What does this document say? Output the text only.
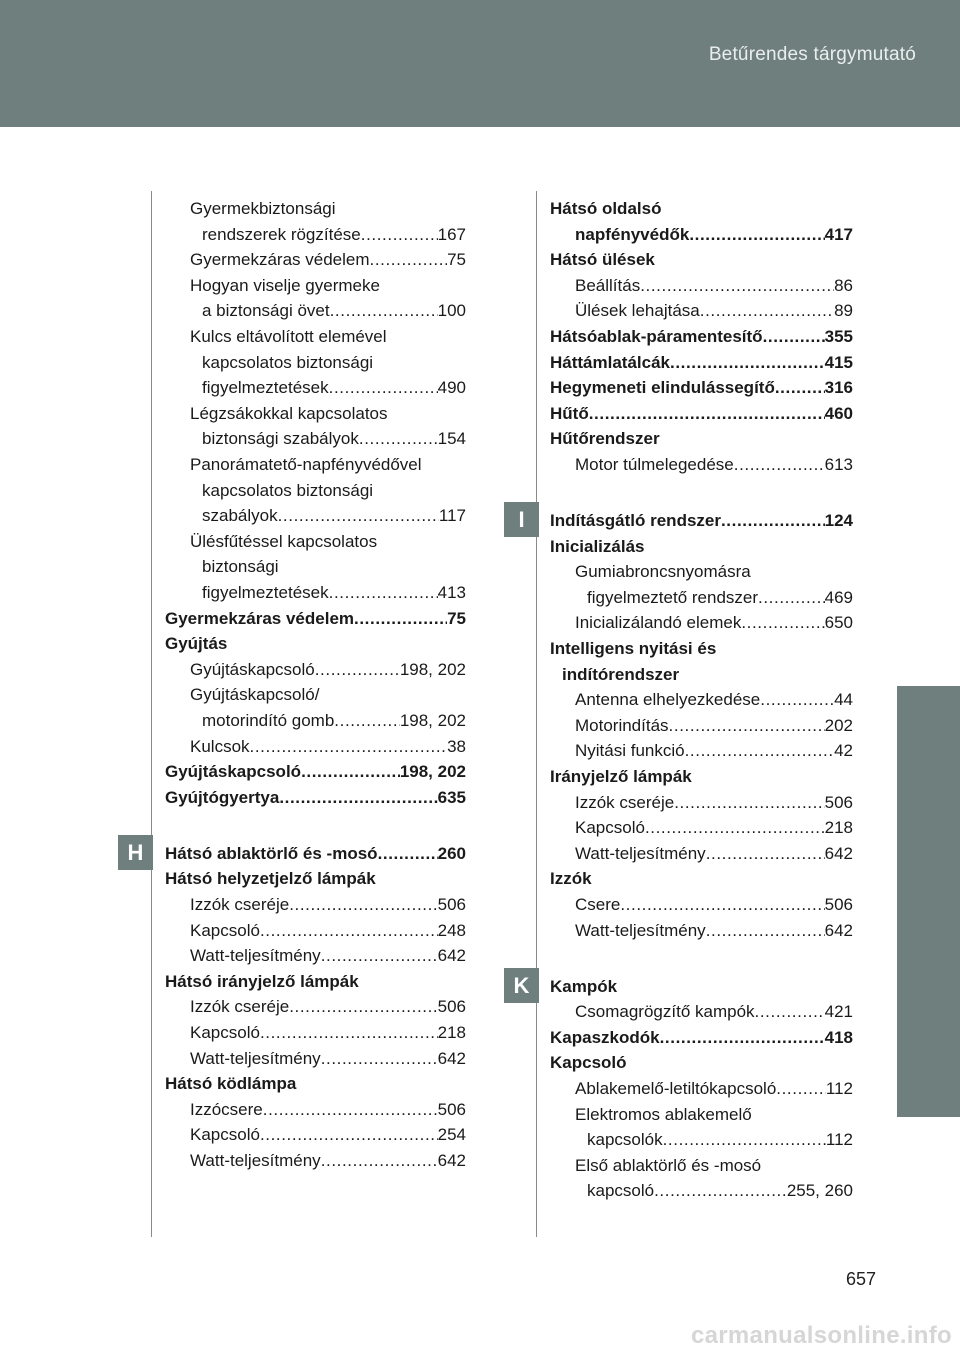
Betűrendes tárgymutató
Gyermekbiztonsági
rendszerek rögzítése .....	167
Gyermekzáras védelem .....	75
Hogyan viselje gyermeke
a biztonsági övet .....	100
Kulcs eltávolított elemével
kapcsolatos biztonsági
figyelmeztetések .....	490
Légzsákokkal kapcsolatos
biztonsági szabályok .....	154
Panorámatető-napfényvédővel
kapcsolatos biztonsági
szabályok .....	117
Ülésfűtéssel kapcsolatos
biztonsági
figyelmeztetések .....	413
Gyermekzáras védelem .....	75
Gyújtás
Gyújtáskapcsoló .....	198, 202
Gyújtáskapcsoló/
motorindító gomb .....	198, 202
Kulcsok .....	38
Gyújtáskapcsoló .....	198, 202
Gyújtógyertya .....	635
Hátsó ablaktörlő és -mosó .....	260
Hátsó helyzetjelző lámpák
Izzók cseréje .....	506
Kapcsoló .....	248
Watt-teljesítmény .....	642
Hátsó irányjelző lámpák
Izzók cseréje .....	506
Kapcsoló .....	218
Watt-teljesítmény .....	642
Hátsó ködlámpa
Izzócsere .....	506
Kapcsoló .....	254
Watt-teljesítmény .....	642
Hátsó oldalsó
napfényvédők .....	417
Hátsó ülések
Beállítás .....	86
Ülések lehajtása .....	89
Hátsóablak-páramentesítő .....	355
Háttámlatálcák .....	415
Hegymeneti elindulássegítő .....	316
Hűtő .....	460
Hűtőrendszer
Motor túlmelegedése .....	613
Indításgátló rendszer .....	124
Inicializálás
Gumiabroncsnyomásra
figyelmeztető rendszer .....	469
Inicializálandó elemek .....	650
Intelligens nyitási és
indítórendszer
Antenna elhelyezkedése .....	44
Motorindítás .....	202
Nyitási funkció .....	42
Irányjelző lámpák
Izzók cseréje .....	506
Kapcsoló .....	218
Watt-teljesítmény .....	642
Izzók
Csere .....	506
Watt-teljesítmény .....	642
Kampók
Csomagrögzítő kampók .....	421
Kapaszkodók .....	418
Kapcsoló
Ablakemelő-letiltókapcsoló .....	112
Elektromos ablakemelő
kapcsolók .....	112
Első ablaktörlő és -mosó
kapcsoló .....	255, 260
657
carmanualsonline.info
H
I
K
